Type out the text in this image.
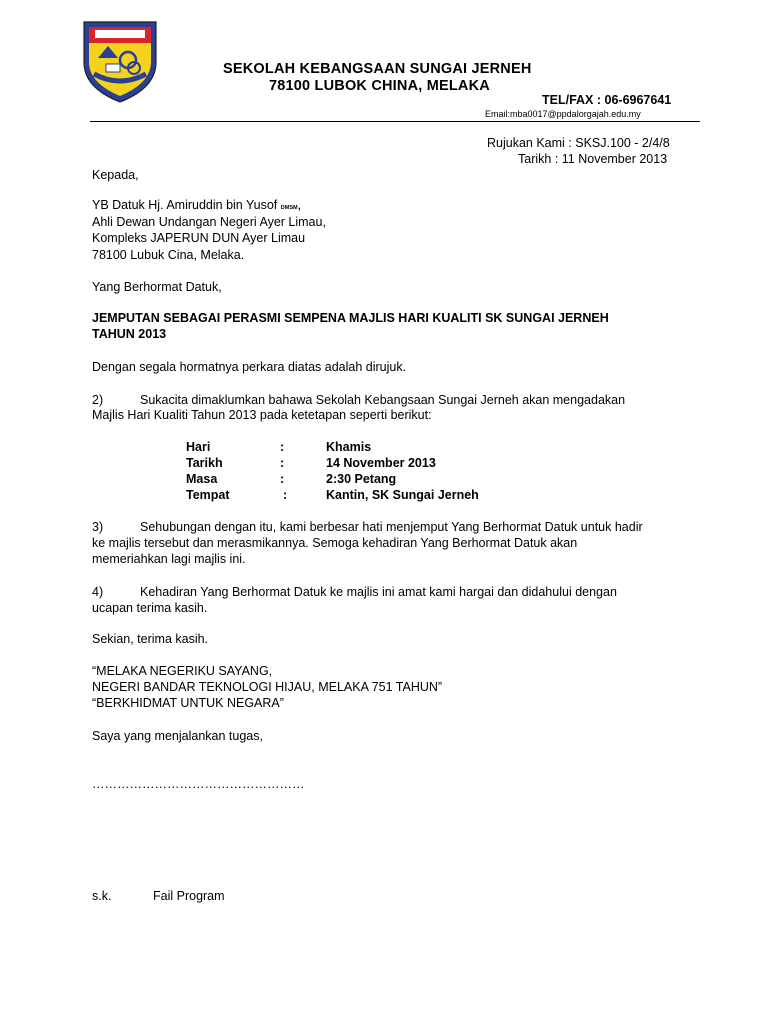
SEKOLAH KEBANGSAAN SUNGAI JERNEH
78100 LUBOK CHINA, MELAKA
TEL/FAX : 06-6967641
Email:mba0017@ppdalorgajah.edu.my
Rujukan Kami : SKSJ.100 - 2/4/8
Tarikh : 11 November 2013
Kepada,
YB Datuk Hj. Amiruddin bin Yusof DMSM,
Ahli Dewan Undangan Negeri Ayer Limau,
Kompleks JAPERUN DUN Ayer Limau
78100 Lubuk Cina, Melaka.
Yang Berhormat Datuk,
JEMPUTAN SEBAGAI PERASMI SEMPENA MAJLIS HARI KUALITI SK SUNGAI JERNEH
TAHUN 2013
Dengan segala hormatnya perkara diatas adalah dirujuk.
2)	Sukacita dimaklumkan bahawa Sekolah Kebangsaan Sungai Jerneh akan mengadakan
Majlis Hari Kualiti Tahun 2013 pada ketetapan seperti berikut:
Hari	:	Khamis
Tarikh	:	14 November 2013
Masa	:	2:30 Petang
Tempat	:	Kantin, SK Sungai Jerneh
3)	Sehubungan dengan itu, kami berbesar hati menjemput Yang Berhormat Datuk untuk hadir
ke majlis tersebut dan merasmikannya. Semoga kehadiran Yang Berhormat Datuk akan
memeriahkan lagi majlis ini.
4)	Kehadiran Yang Berhormat Datuk ke majlis ini amat kami hargai dan didahului dengan
ucapan terima kasih.
Sekian, terima kasih.
“MELAKA NEGERIKU SAYANG,
NEGERI BANDAR TEKNOLOGI HIJAU, MELAKA 751 TAHUN”
“BERKHIDMAT UNTUK NEGARA”
Saya yang menjalankan tugas,
……………………………………………
s.k.	Fail Program
